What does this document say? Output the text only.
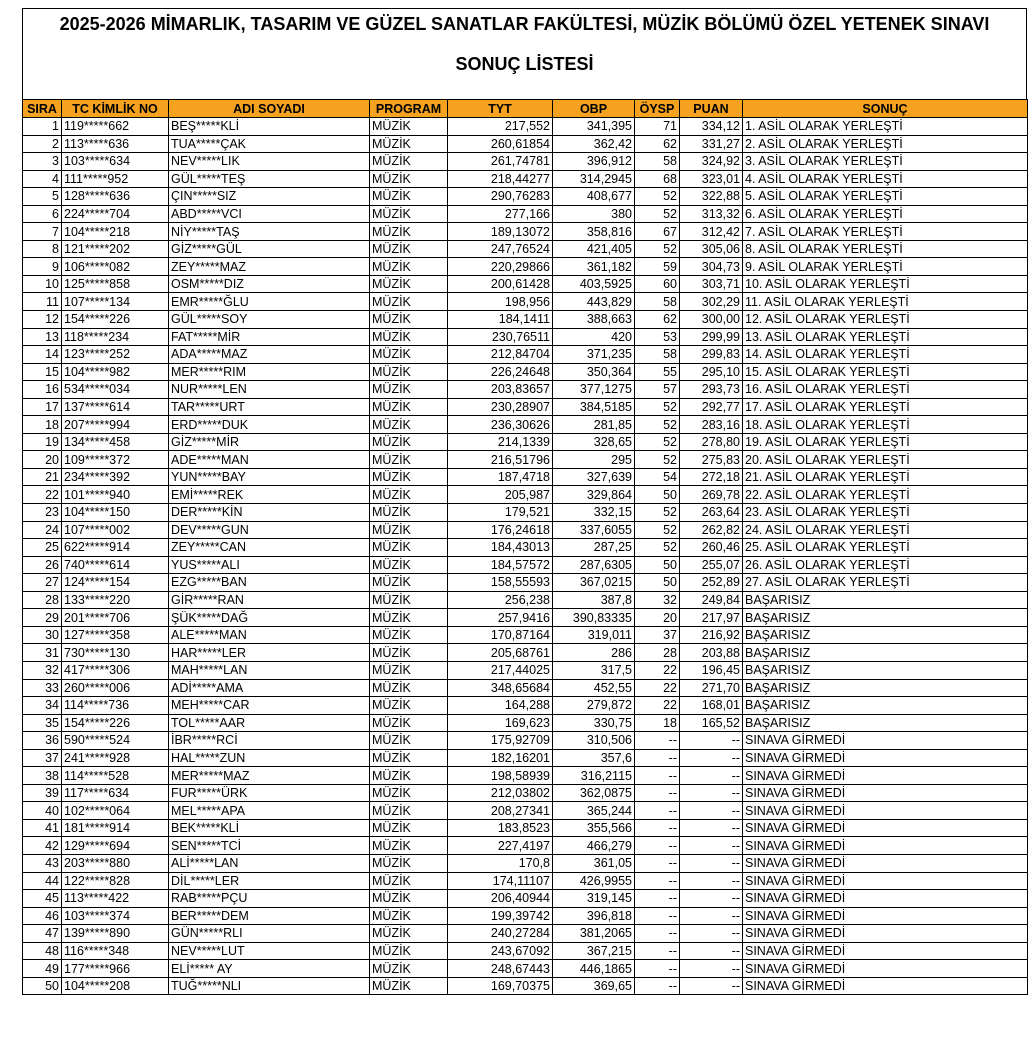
2025-2026 MİMARLIK, TASARIM VE GÜZEL SANATLAR FAKÜLTESİ, MÜZİK BÖLÜMÜ ÖZEL YETENEK SINAVI
SONUÇ LİSTESİ
SIRA	TC KİMLİK NO	ADI SOYADI	PROGRAM	TYT	OBP	ÖYSP	PUAN	SONUÇ
1	119*****662	BEŞ*****KLİ	MÜZİK	217,552	341,395	71	334,12	1. ASİL OLARAK YERLEŞTİ
2	113*****636	TUA*****ÇAK	MÜZİK	260,61854	362,42	62	331,27	2. ASİL OLARAK YERLEŞTİ
3	103*****634	NEV*****LIK	MÜZİK	261,74781	396,912	58	324,92	3. ASİL OLARAK YERLEŞTİ
4	111*****952	GÜL*****TEŞ	MÜZİK	218,44277	314,2945	68	323,01	4. ASİL OLARAK YERLEŞTİ
5	128*****636	ÇIN*****SIZ	MÜZİK	290,76283	408,677	52	322,88	5. ASİL OLARAK YERLEŞTİ
6	224*****704	ABD*****VCI	MÜZİK	277,166	380	52	313,32	6. ASİL OLARAK YERLEŞTİ
7	104*****218	NİY*****TAŞ	MÜZİK	189,13072	358,816	67	312,42	7. ASİL OLARAK YERLEŞTİ
8	121*****202	GİZ*****GÜL	MÜZİK	247,76524	421,405	52	305,06	8. ASİL OLARAK YERLEŞTİ
9	106*****082	ZEY*****MAZ	MÜZİK	220,29866	361,182	59	304,73	9. ASİL OLARAK YERLEŞTİ
10	125*****858	OSM*****DIZ	MÜZİK	200,61428	403,5925	60	303,71	10. ASİL OLARAK YERLEŞTİ
11	107*****134	EMR*****ĞLU	MÜZİK	198,956	443,829	58	302,29	11. ASİL OLARAK YERLEŞTİ
12	154*****226	GÜL*****SOY	MÜZİK	184,1411	388,663	62	300,00	12. ASİL OLARAK YERLEŞTİ
13	118*****234	FAT*****MİR	MÜZİK	230,76511	420	53	299,99	13. ASİL OLARAK YERLEŞTİ
14	123*****252	ADA*****MAZ	MÜZİK	212,84704	371,235	58	299,83	14. ASİL OLARAK YERLEŞTİ
15	104*****982	MER*****RIM	MÜZİK	226,24648	350,364	55	295,10	15. ASİL OLARAK YERLEŞTİ
16	534*****034	NUR*****LEN	MÜZİK	203,83657	377,1275	57	293,73	16. ASİL OLARAK YERLEŞTİ
17	137*****614	TAR*****URT	MÜZİK	230,28907	384,5185	52	292,77	17. ASİL OLARAK YERLEŞTİ
18	207*****994	ERD*****DUK	MÜZİK	236,30626	281,85	52	283,16	18. ASİL OLARAK YERLEŞTİ
19	134*****458	GİZ*****MİR	MÜZİK	214,1339	328,65	52	278,80	19. ASİL OLARAK YERLEŞTİ
20	109*****372	ADE*****MAN	MÜZİK	216,51796	295	52	275,83	20. ASİL OLARAK YERLEŞTİ
21	234*****392	YUN*****BAY	MÜZİK	187,4718	327,639	54	272,18	21. ASİL OLARAK YERLEŞTİ
22	101*****940	EMİ*****REK	MÜZİK	205,987	329,864	50	269,78	22. ASİL OLARAK YERLEŞTİ
23	104*****150	DER*****KİN	MÜZİK	179,521	332,15	52	263,64	23. ASİL OLARAK YERLEŞTİ
24	107*****002	DEV*****GUN	MÜZİK	176,24618	337,6055	52	262,82	24. ASİL OLARAK YERLEŞTİ
25	622*****914	ZEY*****CAN	MÜZİK	184,43013	287,25	52	260,46	25. ASİL OLARAK YERLEŞTİ
26	740*****614	YUS*****ALI	MÜZİK	184,57572	287,6305	50	255,07	26. ASİL OLARAK YERLEŞTİ
27	124*****154	EZG*****BAN	MÜZİK	158,55593	367,0215	50	252,89	27. ASİL OLARAK YERLEŞTİ
28	133*****220	GİR*****RAN	MÜZİK	256,238	387,8	32	249,84	BAŞARISIZ
29	201*****706	ŞÜK*****DAĞ	MÜZİK	257,9416	390,83335	20	217,97	BAŞARISIZ
30	127*****358	ALE*****MAN	MÜZİK	170,87164	319,011	37	216,92	BAŞARISIZ
31	730*****130	HAR*****LER	MÜZİK	205,68761	286	28	203,88	BAŞARISIZ
32	417*****306	MAH*****LAN	MÜZİK	217,44025	317,5	22	196,45	BAŞARISIZ
33	260*****006	ADİ*****AMA	MÜZİK	348,65684	452,55	22	271,70	BAŞARISIZ
34	114*****736	MEH*****CAR	MÜZİK	164,288	279,872	22	168,01	BAŞARISIZ
35	154*****226	TOL*****AAR	MÜZİK	169,623	330,75	18	165,52	BAŞARISIZ
36	590*****524	İBR*****RCİ	MÜZİK	175,92709	310,506	--	--	SINAVA GİRMEDİ
37	241*****928	HAL*****ZUN	MÜZİK	182,16201	357,6	--	--	SINAVA GİRMEDİ
38	114*****528	MER*****MAZ	MÜZİK	198,58939	316,2115	--	--	SINAVA GİRMEDİ
39	117*****634	FUR*****ÜRK	MÜZİK	212,03802	362,0875	--	--	SINAVA GİRMEDİ
40	102*****064	MEL*****APA	MÜZİK	208,27341	365,244	--	--	SINAVA GİRMEDİ
41	181*****914	BEK*****KLİ	MÜZİK	183,8523	355,566	--	--	SINAVA GİRMEDİ
42	129*****694	SEN*****TCİ	MÜZİK	227,4197	466,279	--	--	SINAVA GİRMEDİ
43	203*****880	ALİ*****LAN	MÜZİK	170,8	361,05	--	--	SINAVA GİRMEDİ
44	122*****828	DİL*****LER	MÜZİK	174,11107	426,9955	--	--	SINAVA GİRMEDİ
45	113*****422	RAB*****PÇU	MÜZİK	206,40944	319,145	--	--	SINAVA GİRMEDİ
46	103*****374	BER*****DEM	MÜZİK	199,39742	396,818	--	--	SINAVA GİRMEDİ
47	139*****890	GÜN*****RLI	MÜZİK	240,27284	381,2065	--	--	SINAVA GİRMEDİ
48	116*****348	NEV*****LUT	MÜZİK	243,67092	367,215	--	--	SINAVA GİRMEDİ
49	177*****966	ELİ***** AY	MÜZİK	248,67443	446,1865	--	--	SINAVA GİRMEDİ
50	104*****208	TUĞ*****NLI	MÜZİK	169,70375	369,65	--	--	SINAVA GİRMEDİ
